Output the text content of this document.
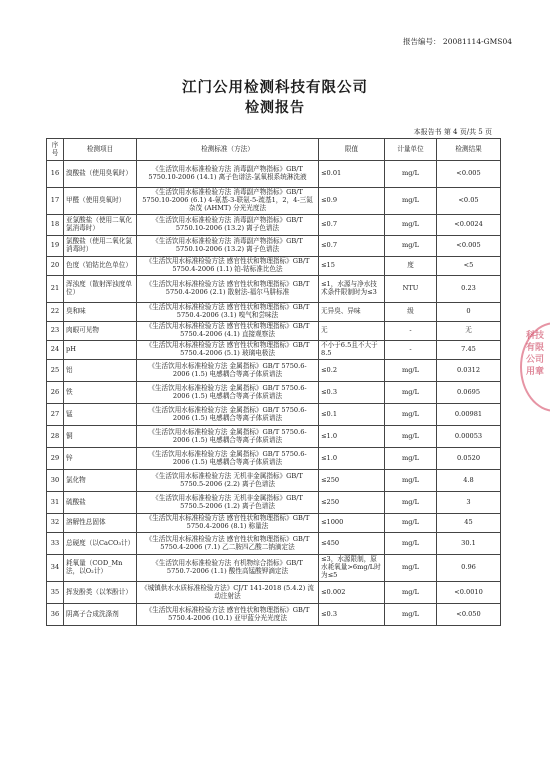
报告编号： 20081114-GMS04
江门公用检测科技有限公司
检测报告
本报告书 第 4 页/共 5 页
序号	检测项目	检测标准（方法）	限值	计量单位	检测结果
16	溴酸盐（使用臭氧时）	《生活饮用水标准检验方法 消毒副产物指标》GB/T 5750.10-2006 (14.1) 离子色谱法-氯氧根系统淋洗液	≤0.01	mg/L	<0.005
17	甲醛（使用臭氧时）	《生活饮用水标准检验方法 消毒副产物指标》GB/T 5750.10-2006 (6.1) 4-氨基-3-联氨-5-巯基1，2，4-三氮杂茂 (AHMT) 分光光度法	≤0.9	mg/L	<0.05
18	亚氯酸盐（使用二氧化氯消毒时）	《生活饮用水标准检验方法 消毒副产物指标》GB/T 5750.10-2006 (13.2) 离子色谱法	≤0.7	mg/L	<0.0024
19	氯酸盐（使用二氧化氯消毒时）	《生活饮用水标准检验方法 消毒副产物指标》GB/T 5750.10-2006 (13.2) 离子色谱法	≤0.7	mg/L	<0.005
20	色度（铂钴比色单位）	《生活饮用水标准检验方法 感官性状和物理指标》GB/T 5750.4-2006 (1.1) 铂-钴标准比色法	≤15	度	<5
21	浑浊度（散射浑浊度单位）	《生活饮用水标准检验方法 感官性状和物理指标》GB/T 5750.4-2006 (2.1) 散射法-福尔马肼标准	≤1，水源与净水技术条件限制时为≤3	NTU	0.23
22	臭和味	《生活饮用水标准检验方法 感官性状和物理指标》GB/T 5750.4-2006 (3.1) 嗅气和尝味法	无异臭、异味	级	0
23	肉眼可见物	《生活饮用水标准检验方法 感官性状和物理指标》GB/T 5750.4-2006 (4.1) 直接观察法	无	-	无
24	pH	《生活饮用水标准检验方法 感官性状和物理指标》GB/T 5750.4-2006 (5.1) 玻璃电极法	不小于6.5且不大于8.5	-	7.45
25	铝	《生活饮用水标准检验方法 金属指标》GB/T 5750.6-2006 (1.5) 电感耦合等离子体质谱法	≤0.2	mg/L	0.0312
26	铁	《生活饮用水标准检验方法 金属指标》GB/T 5750.6-2006 (1.5) 电感耦合等离子体质谱法	≤0.3	mg/L	0.0695
27	锰	《生活饮用水标准检验方法 金属指标》GB/T 5750.6-2006 (1.5) 电感耦合等离子体质谱法	≤0.1	mg/L	0.00981
28	铜	《生活饮用水标准检验方法 金属指标》GB/T 5750.6-2006 (1.5) 电感耦合等离子体质谱法	≤1.0	mg/L	0.00053
29	锌	《生活饮用水标准检验方法 金属指标》GB/T 5750.6-2006 (1.5) 电感耦合等离子体质谱法	≤1.0	mg/L	0.0520
30	氯化物	《生活饮用水标准检验方法 无机非金属指标》GB/T 5750.5-2006 (2.2) 离子色谱法	≤250	mg/L	4.8
31	硫酸盐	《生活饮用水标准检验方法 无机非金属指标》GB/T 5750.5-2006 (1.2) 离子色谱法	≤250	mg/L	3
32	溶解性总固体	《生活饮用水标准检验方法 感官性状和物理指标》GB/T 5750.4-2006 (8.1) 称量法	≤1000	mg/L	45
33	总硬度（以CaCO₃计）	《生活饮用水标准检验方法 感官性状和物理指标》GB/T 5750.4-2006 (7.1) 乙二胺四乙酸二钠滴定法	≤450	mg/L	30.1
34	耗氧量（COD_Mn法，以O₂计）	《生活饮用水标准检验方法 有机物综合指标》GB/T 5750.7-2006 (1.1) 酸性高锰酸钾滴定法	≤3，水源限制，原水耗氧量>6mg/L时为≤5	mg/L	0.96
35	挥发酚类（以苯酚计）	《城镇供水水质标准检验方法》CJ/T 141-2018 (5.4.2) 流动注射法	≤0.002	mg/L	<0.0010
36	阴离子合成洗涤剂	《生活饮用水标准检验方法 感官性状和物理指标》GB/T 5750.4-2006 (10.1) 亚甲蓝分光光度法	≤0.3	mg/L	<0.050
科技有限公司用章
